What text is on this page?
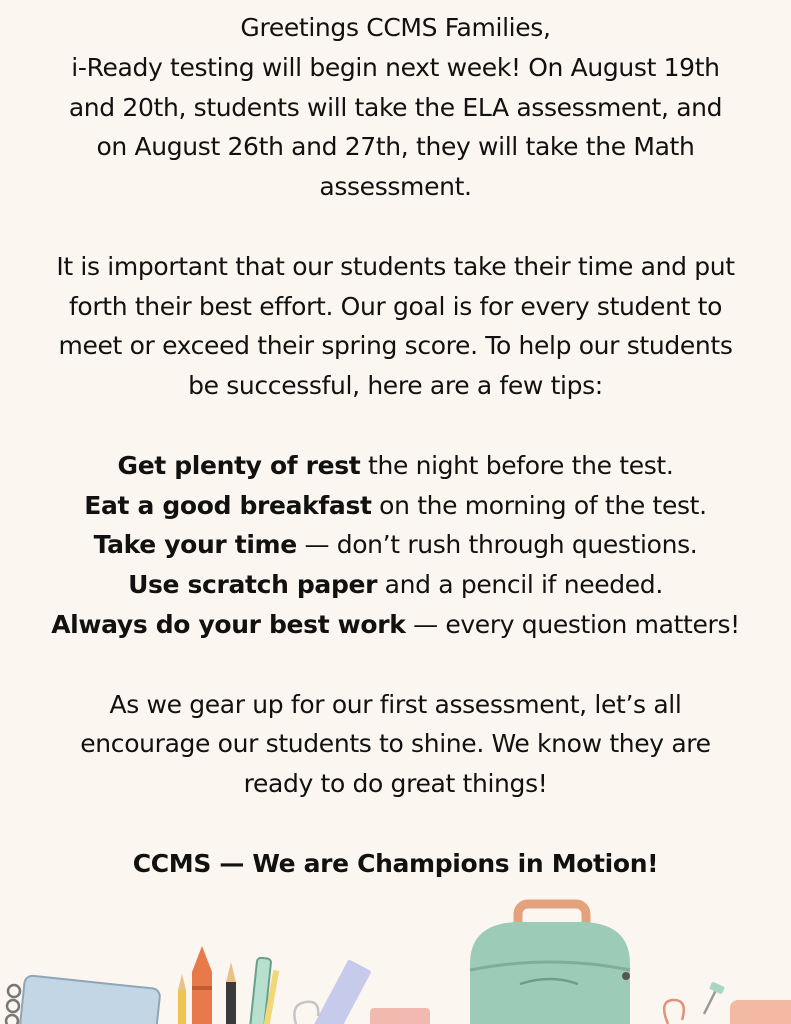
Greetings CCMS Families,

i-Ready testing will begin next week! On August 19th

and 20th, students will take the ELA assessment, and

on August 26th and 27th, they will take the Math

assessment.

It is important that our students take their time and put

forth their best effort. Our goal is for every student to

meet or exceed their spring score. To help our students

be successful, here are a few tips:

Get plenty of rest the night before the test.

Eat a good breakfast on the morning of the test.

Take your time — don’t rush through questions.

Use scratch paper and a pencil if needed.

Always do your best work — every question matters!

As we gear up for our first assessment, let’s all

encourage our students to shine. We know they are

ready to do great things!

CCMS — We are Champions in Motion!
